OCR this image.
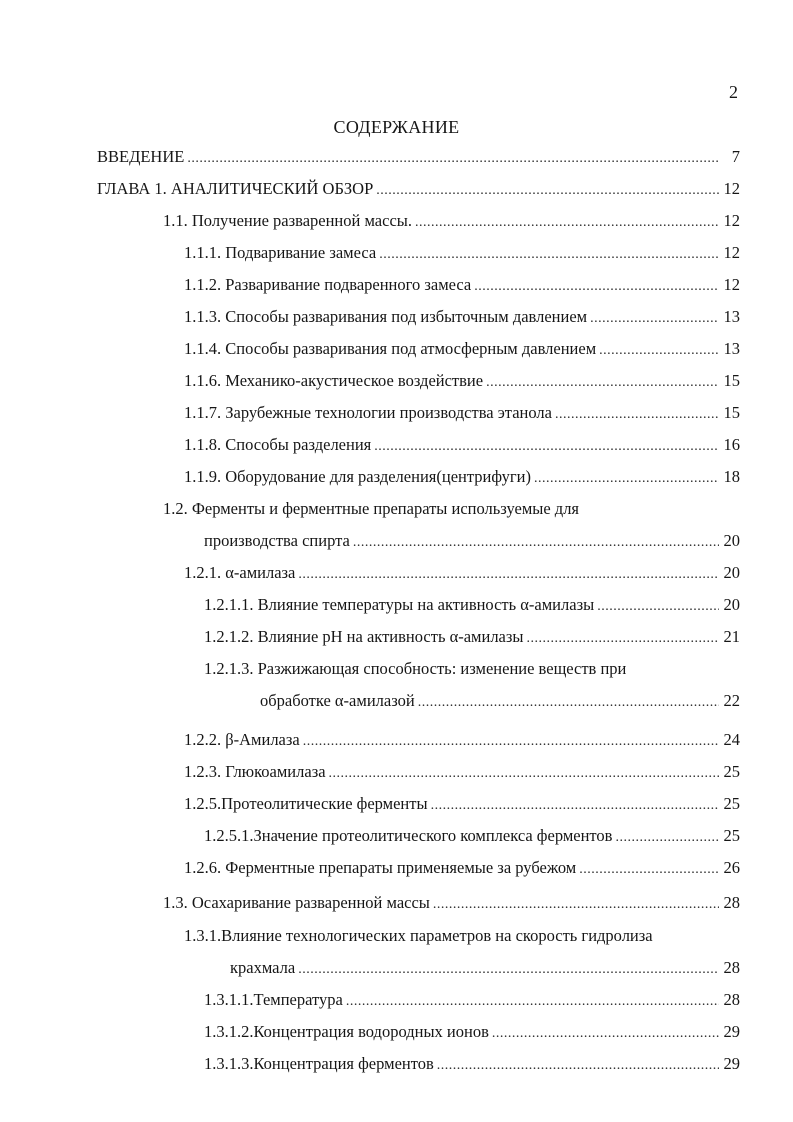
2
СОДЕРЖАНИЕ
ВВЕДЕНИЕ .....	7
ГЛАВА 1. АНАЛИТИЧЕСКИЙ ОБЗОР .....	12
1.1. Получение разваренной массы. .....	12
1.1.1. Подваривание замеса .....	12
1.1.2. Разваривание подваренного замеса .....	12
1.1.3. Способы разваривания под избыточным давлением .....	13
1.1.4. Способы разваривания под атмосферным давлением .....	13
1.1.6. Механико-акустическое воздействие .....	15
1.1.7. Зарубежные технологии производства этанола .....	15
1.1.8. Способы разделения .....	16
1.1.9. Оборудование для разделения(центрифуги) .....	18
1.2. Ферменты и ферментные препараты используемые для
производства спирта .....	20
1.2.1. α-амилаза .....	20
1.2.1.1. Влияние температуры на активность α-амилазы .....	20
1.2.1.2. Влияние рН на активность α-амилазы .....	21
1.2.1.3. Разжижающая способность: изменение веществ при
обработке α-амилазой .....	22
1.2.2. β-Амилаза .....	24
1.2.3. Глюкоамилаза .....	25
1.2.5.Протеолитические ферменты .....	25
1.2.5.1.Значение протеолитического комплекса ферментов .....	25
1.2.6. Ферментные препараты применяемые за рубежом .....	26
1.3. Осахаривание разваренной массы .....	28
1.3.1.Влияние технологических параметров на скорость гидролиза
крахмала .....	28
1.3.1.1.Температура .....	28
1.3.1.2.Концентрация водородных ионов .....	29
1.3.1.3.Концентрация ферментов .....	29
